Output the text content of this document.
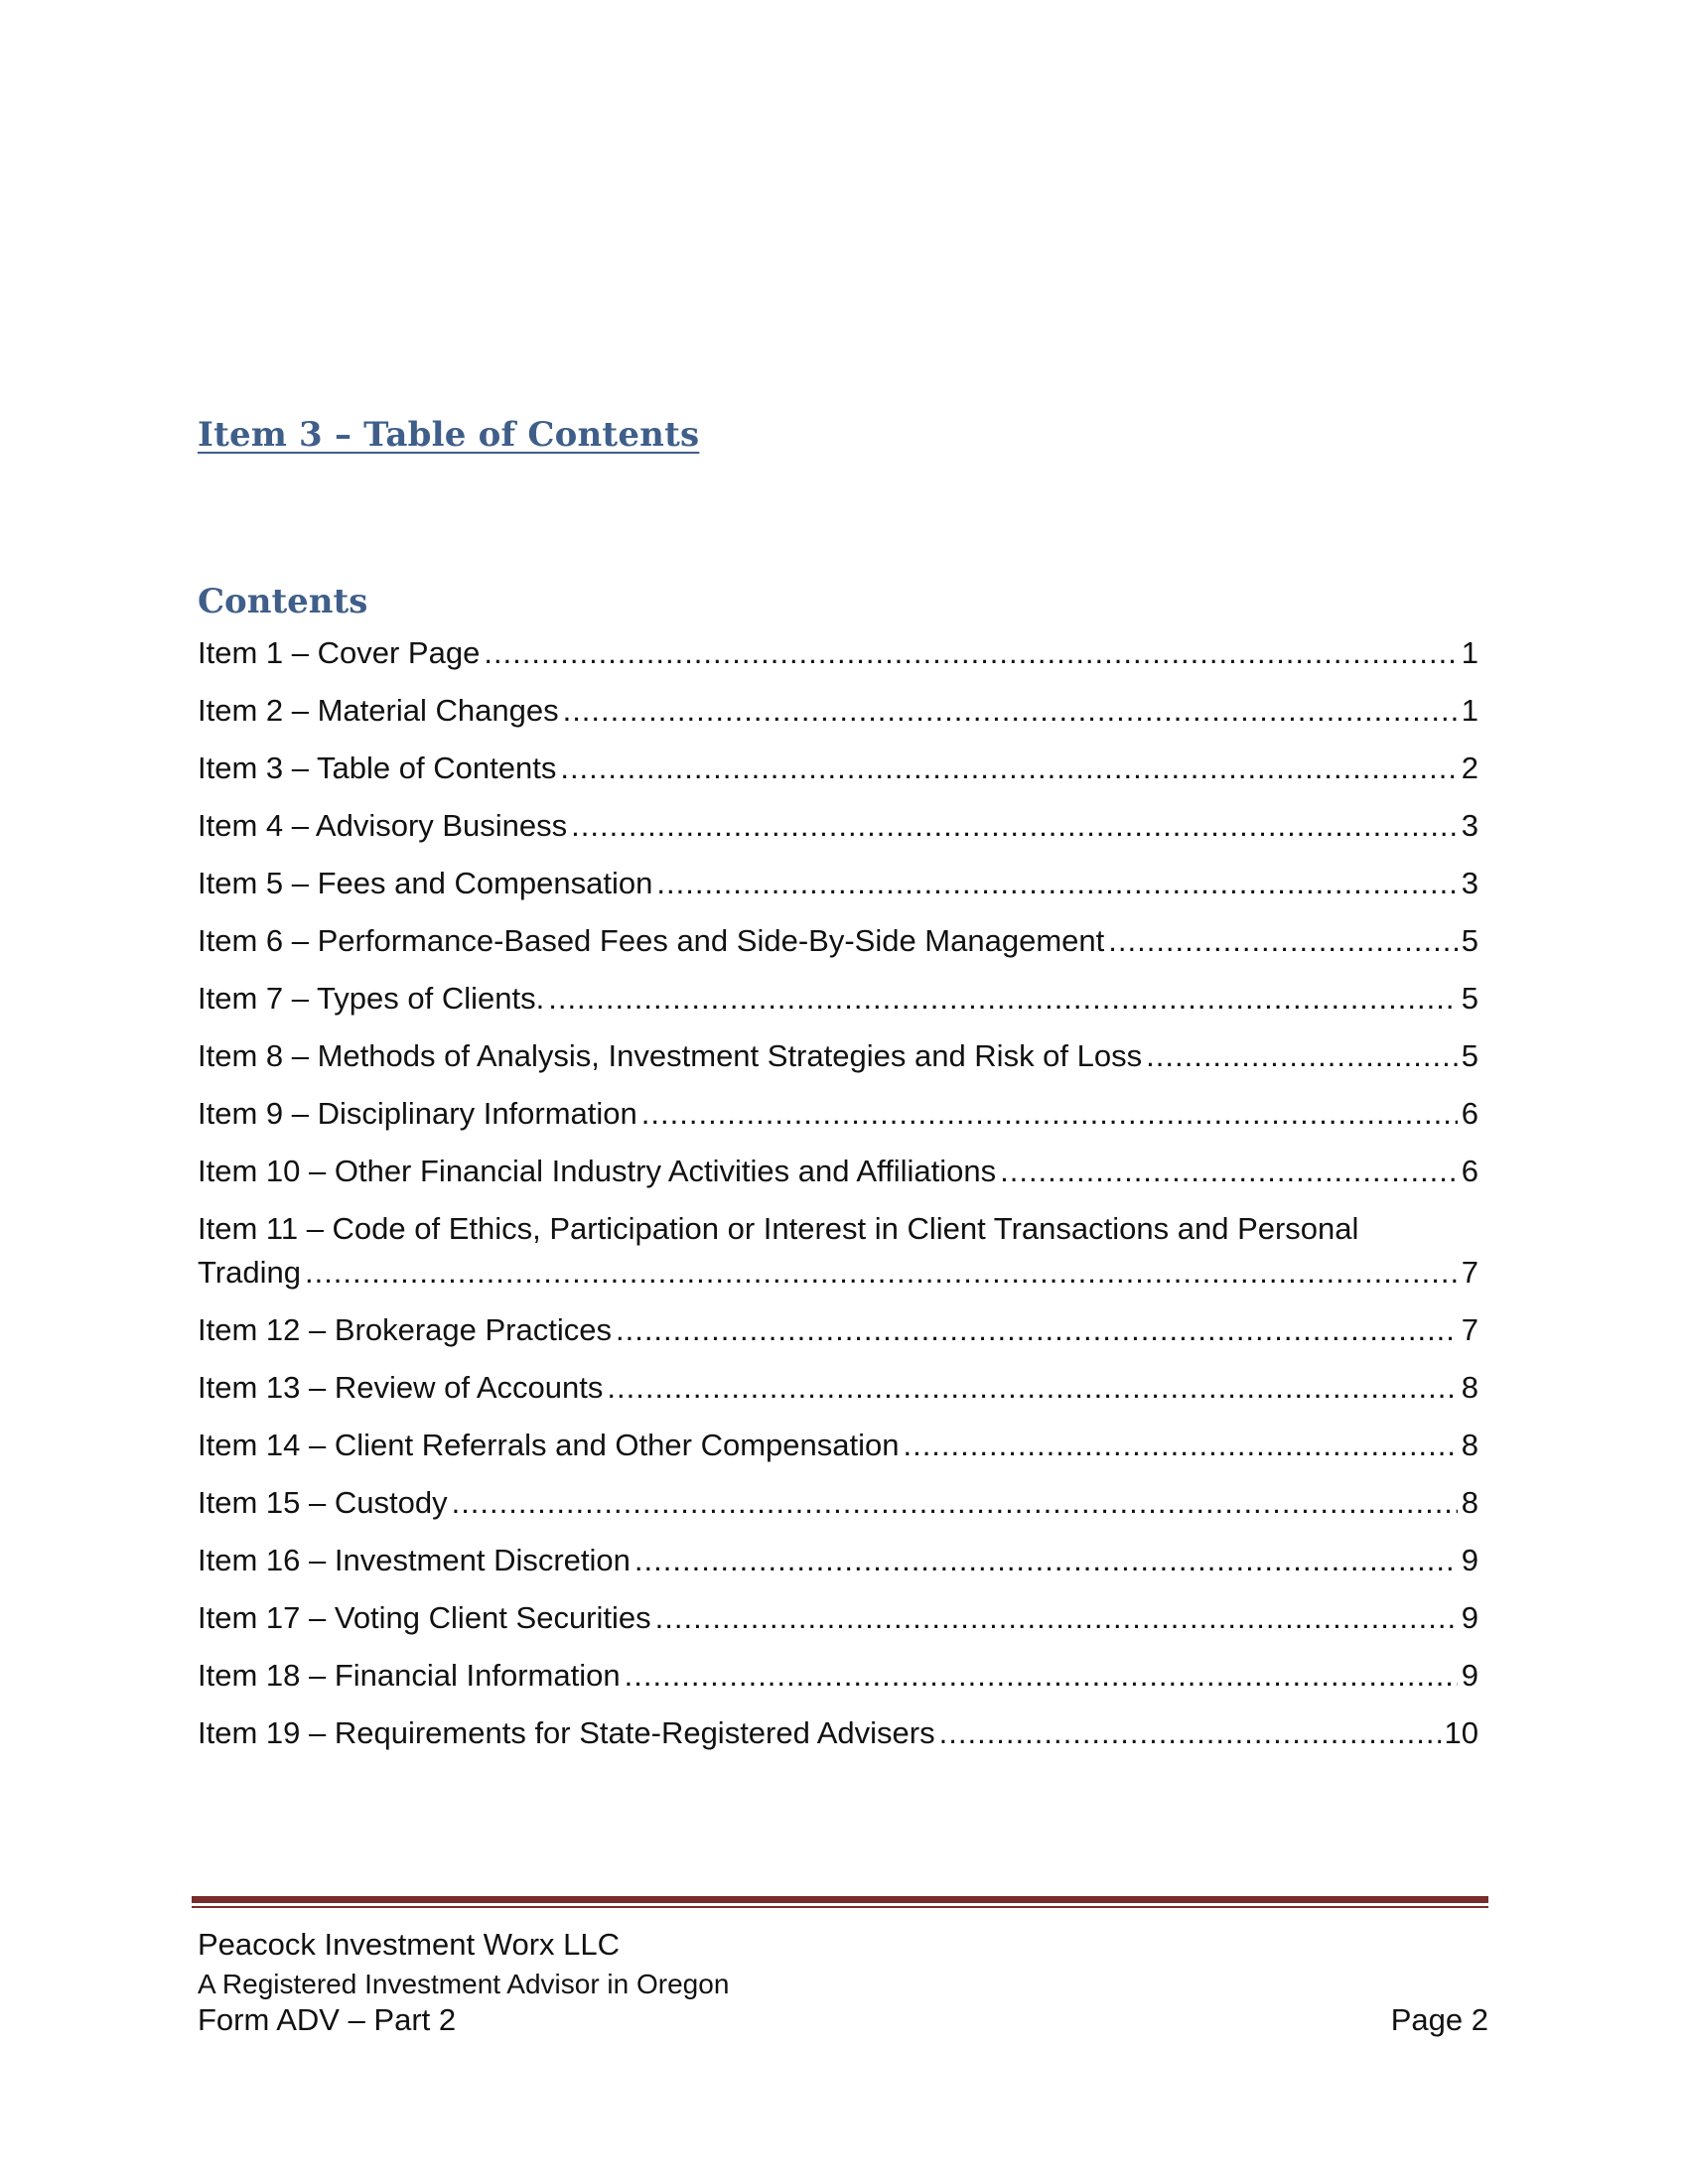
Item 3 – Table of Contents
Contents
Item 1 – Cover Page .....	1
Item 2 – Material Changes .....	1
Item 3 – Table of Contents .....	2
Item 4 – Advisory Business .....	3
Item 5 – Fees and Compensation .....	3
Item 6 – Performance-Based Fees and Side-By-Side Management .....	5
Item 7 – Types of Clients. .....	5
Item 8 – Methods of Analysis, Investment Strategies and Risk of Loss .....	5
Item 9 – Disciplinary Information .....	6
Item 10 – Other Financial Industry Activities and Affiliations .....	6
Item 11 – Code of Ethics, Participation or Interest in Client Transactions and Personal
Trading .....	7
Item 12 – Brokerage Practices .....	7
Item 13 – Review of Accounts .....	8
Item 14 – Client Referrals and Other Compensation .....	8
Item 15 – Custody .....	8
Item 16 – Investment Discretion .....	9
Item 17 – Voting Client Securities .....	9
Item 18 – Financial Information .....	9
Item 19 – Requirements for State-Registered Advisers .....	10

Peacock Investment Worx LLC

A Registered Investment Advisor in Oregon

Form ADV – Part 2	Page 2
